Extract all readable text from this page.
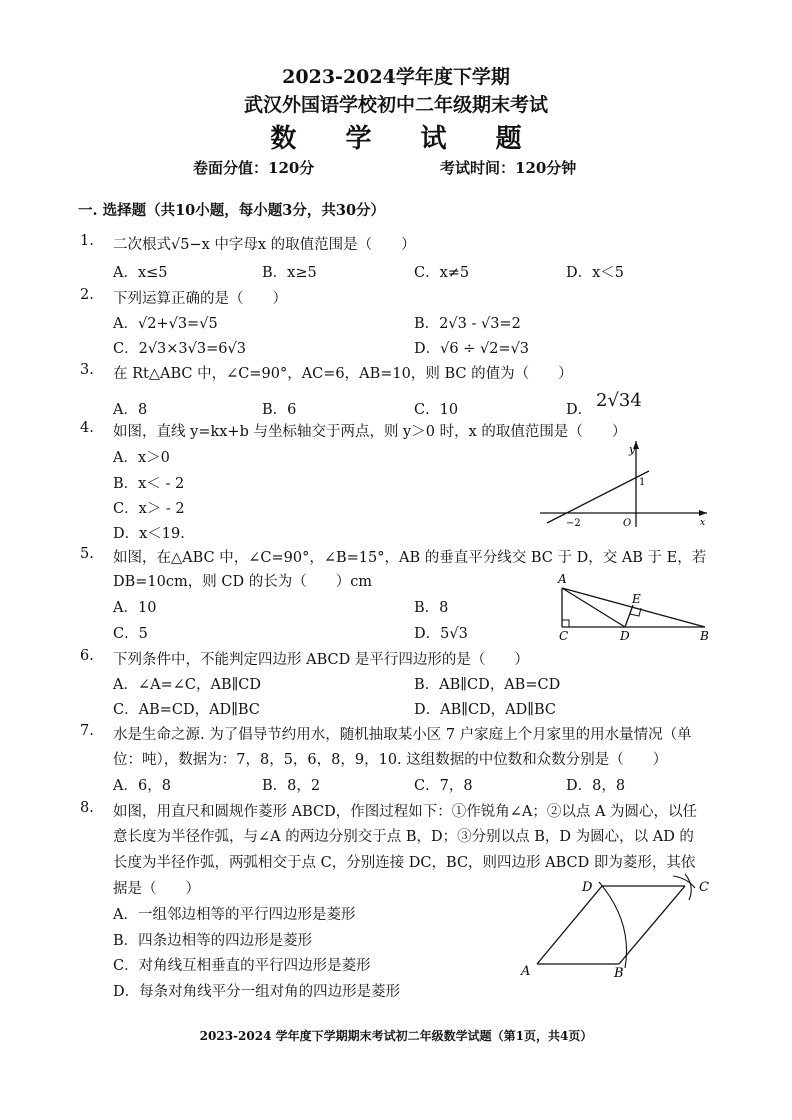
2023-2024学年度下学期
武汉外国语学校初中二年级期末考试
数 学 试 题
卷面分值：120分	考试时间：120分钟
一. 选择题（共10小题，每小题3分，共30分）
1. 二次根式√5−x 中字母x 的取值范围是（　　）
A．x≤5	B．x≥5	C．x≠5	D．x＜5
2. 下列运算正确的是（　　）
A．√2+√3=√5	B．2√3 - √3=2
C．2√3×3√3=6√3	D．√6 ÷ √2=√3
3. 在 Rt△ABC 中，∠C=90°，AC=6，AB=10，则 BC 的值为（　　）
A．8	B．6	C．10	D． 2√34
4. 如图，直线 y=kx+b 与坐标轴交于两点，则 y＞0 时，x 的取值范围是（　　）
A．x＞0
B．x＜ - 2
C．x＞ - 2
D．x＜19.
y
1
−2	O	x
5. 如图，在△ABC 中，∠C=90°，∠B=15°，AB 的垂直平分线交 BC 于 D，交 AB 于 E，若
DB=10cm，则 CD 的长为（　　）cm
A．10	B．8
C．5	D．5√3
A
E
C	D	B
6. 下列条件中，不能判定四边形 ABCD 是平行四边形的是（　　）
A．∠A=∠C，AB∥CD	B．AB∥CD，AB=CD
C．AB=CD，AD∥BC	D．AB∥CD，AD∥BC
7. 水是生命之源. 为了倡导节约用水，随机抽取某小区 7 户家庭上个月家里的用水量情况（单
位：吨），数据为：7，8，5，6，8，9，10. 这组数据的中位数和众数分别是（　　）
A．6，8	B．8，2	C．7，8	D．8，8
8. 如图，用直尺和圆规作菱形 ABCD，作图过程如下：①作锐角∠A；②以点 A 为圆心，以任
意长度为半径作弧，与∠A 的两边分别交于点 B，D；③分别以点 B，D 为圆心，以 AD 的
长度为半径作弧，两弧相交于点 C，分别连接 DC，BC，则四边形 ABCD 即为菱形，其依
据是（　　）
A．一组邻边相等的平行四边形是菱形
B．四条边相等的四边形是菱形
C．对角线互相垂直的平行四边形是菱形
D．每条对角线平分一组对角的四边形是菱形
D	C
A	B
2023-2024 学年度下学期期末考试初二年级数学试题（第1页，共4页）
